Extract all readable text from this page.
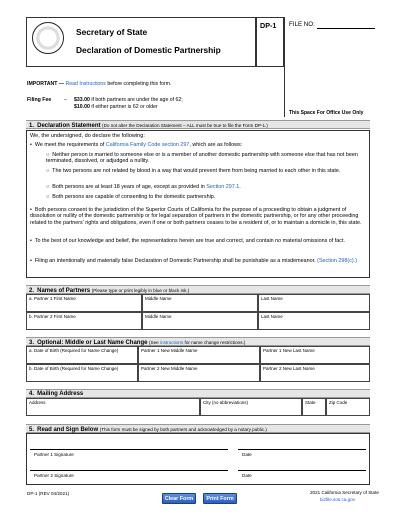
Secretary of State
Declaration of Domestic Partnership
DP-1 FILE NO:
IMPORTANT — Read Instructions before completing this form.
Filing Fee – $33.00 if both partners are under the age of 62;
$10.00 if either partner is 62 or older
This Space For Office Use Only
1. Declaration Statement (Do not alter the Declaration Statement – ALL must be true to file the Form DP-1.)
We, the undersigned, do declare the following:
•  We meet the requirements of California Family Code section 297, which are as follows:
○  Neither person is married to someone else or is a member of another domestic partnership with someone else that has not been terminated, dissolved, or adjudged a nullity.
○  The two persons are not related by blood in a way that would prevent them from being married to each other in this state.
○  Both persons are at least 18 years of age, except as provided in Section 297.1.
○  Both persons are capable of consenting to the domestic partnership.
•  Both persons consent to the jurisdiction of the Superior Courts of California for the purpose of a proceeding to obtain a judgment of dissolution or nullity of the domestic partnership or for legal separation of partners in the domestic partnership, or for any other proceeding related to the partners' rights and obligations, even if one or both partners ceases to be a resident of, or to maintain a domicile in, this state.
•  To the best of our knowledge and belief, the representations herein are true and correct, and contain no material omissions of fact.
•  Filing an intentionally and materially false Declaration of Domestic Partnership shall be punishable as a misdemeanor. (Section 298(c).)
2. Names of Partners (Please type or print legibly in blue or black ink.)
a. Partner 1 First Name	Middle Name	Last Name
b. Partner 2 First Name	Middle Name	Last Name
3. Optional: Middle or Last Name Change (See instructions for name change restrictions.)
a. Date of Birth (Required for Name Change)	Partner 1 New Middle Name	Partner 1 New Last Name
b. Date of Birth (Required for Name Change)	Partner 2 New Middle Name	Partner 2 New Last Name
4. Mailing Address
Address	City (no abbreviations)	State	Zip Code
5. Read and Sign Below (This form must be signed by both partners and acknowledged by a notary public.)
Partner 1 Signature	Date
Partner 2 Signature	Date
DP-1 (REV 04/2021)
Clear Form	Print Form
2021 California Secretary of State
bizfile.sos.ca.gov
